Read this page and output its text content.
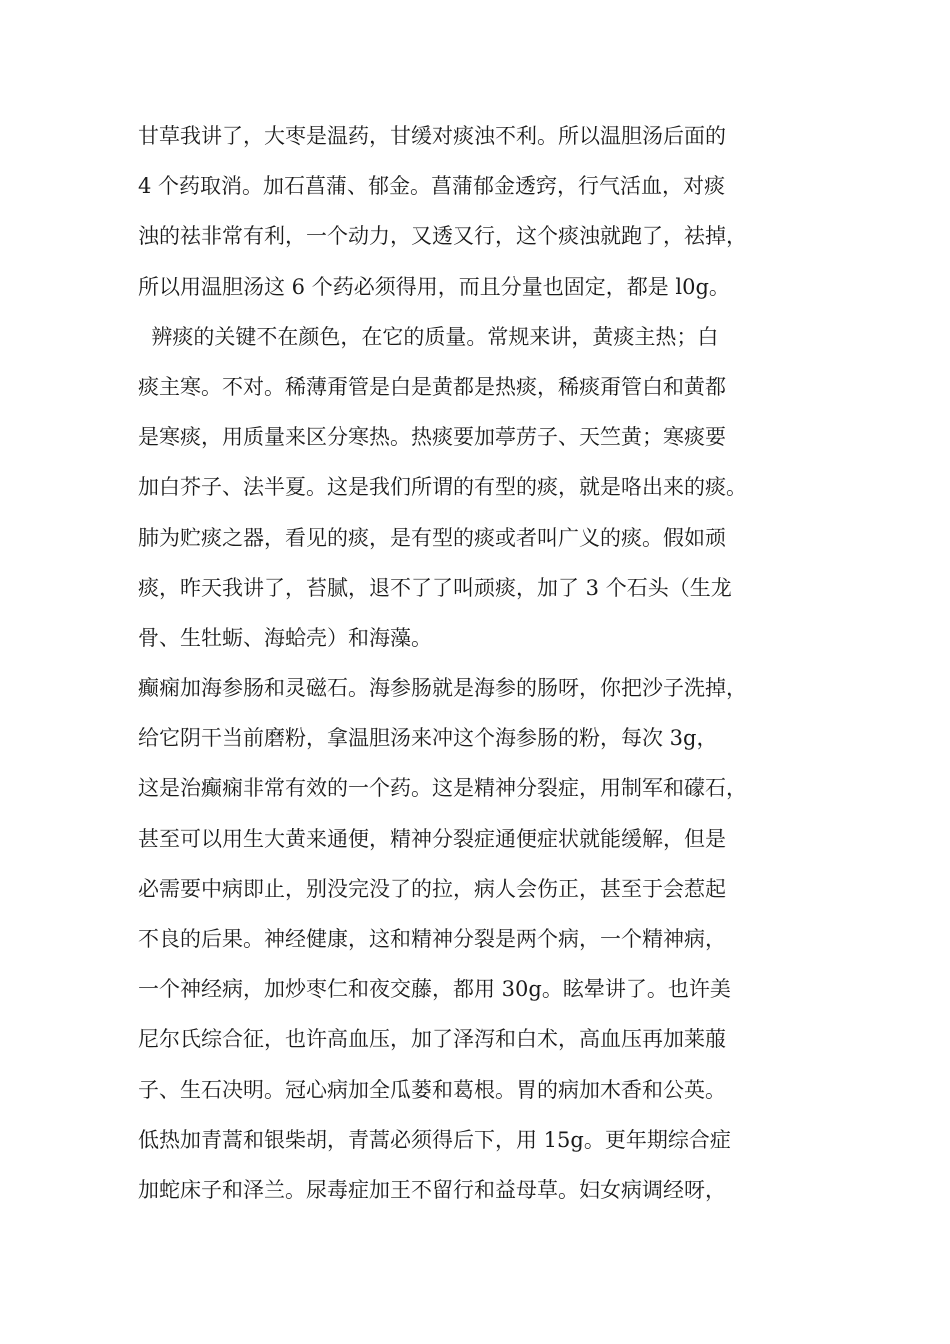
甘草我讲了，大枣是温药，甘缓对痰浊不利。所以温胆汤后面的
4 个药取消。加石菖蒲、郁金。菖蒲郁金透窍，行气活血，对痰
浊的祛非常有利，一个动力，又透又行，这个痰浊就跑了，祛掉，
所以用温胆汤这 6 个药必须得用，而且分量也固定，都是 l0g。
辨痰的关键不在颜色，在它的质量。常规来讲，黄痰主热；白
痰主寒。不对。稀薄甭管是白是黄都是热痰，稀痰甭管白和黄都
是寒痰，用质量来区分寒热。热痰要加葶苈子、天竺黄；寒痰要
加白芥子、法半夏。这是我们所谓的有型的痰，就是咯出来的痰。
肺为贮痰之器，看见的痰，是有型的痰或者叫广义的痰。假如顽
痰，昨天我讲了，苔腻，退不了了叫顽痰，加了 3 个石头（生龙
骨、生牡蛎、海蛤壳）和海藻。
癫痫加海参肠和灵磁石。海参肠就是海参的肠呀，你把沙子洗掉，
给它阴干当前磨粉，拿温胆汤来冲这个海参肠的粉，每次 3g，
这是治癫痫非常有效的一个药。这是精神分裂症，用制军和礞石，
甚至可以用生大黄来通便，精神分裂症通便症状就能缓解，但是
必需要中病即止，别没完没了的拉，病人会伤正，甚至于会惹起
不良的后果。神经健康，这和精神分裂是两个病，一个精神病，
一个神经病，加炒枣仁和夜交藤，都用 30g。眩晕讲了。也许美
尼尔氏综合征，也许高血压，加了泽泻和白术，高血压再加莱菔
子、生石决明。冠心病加全瓜蒌和葛根。胃的病加木香和公英。
低热加青蒿和银柴胡，青蒿必须得后下，用 15g。更年期综合症
加蛇床子和泽兰。尿毒症加王不留行和益母草。妇女病调经呀，
